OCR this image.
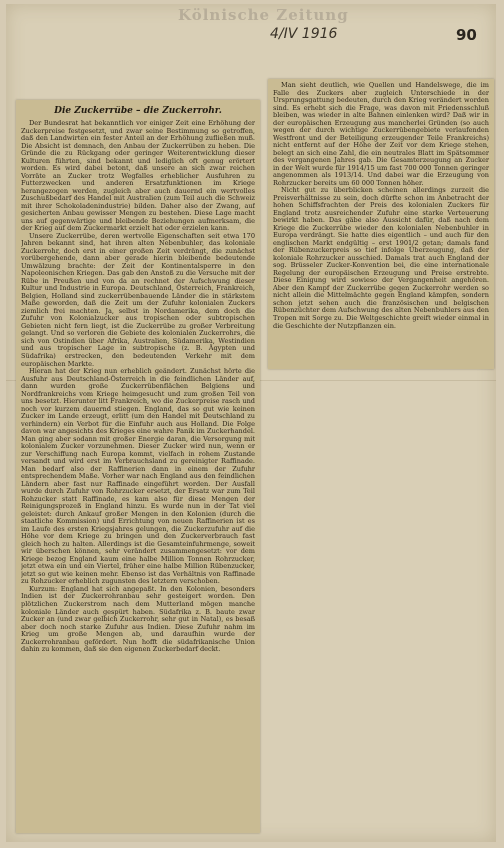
Kölnische Zeitung
4/IV 1916	90
Die Zuckerrübe – die Zuckerrohr.

Der Bundesrat hat bekanntlich vor einiger Zeit eine Erhöhung der Zuckerpreise festgesetzt, und zwar seine Bestimmung so getroffen, daß den Landwirten ein fester Anteil an der Erhöhung zufließen muß. Die Absicht ist demnach, den Anbau der Zuckerrüben zu heben. Die Gründe die zu Rückgang oder geringer Weiterentwicklung dieser Kulturen führten, sind bekannt und lediglich oft genug erörtert worden. Es wird dabei betont, daß unsere an sich zwar reichen Vorräte an Zucker trotz Wegfalles erheblicher Ausfuhren zu Futterzwecken und anderen Ersatzfunktionen im Kriege herangezogen werden, zugleich aber auch dauernd ein wertvolles Zuschußbedarf des Handel mit Australien (zum Teil auch die Schweiz mit ihrer Schokoladenindustrie) bilden. Daher also der Zwang, auf gesicherten Anbau gewisser Mengen zu bestehen. Diese Lage macht uns auf gegenwärtige und bleibende Beziehungen aufmerksam, die der Krieg auf dem Zuckermarkt erzielt hat oder erzielen kann.

Unsere Zuckerrübe, deren wertvolle Eigenschaften seit etwa 170 Jahren bekannt sind, hat ihren alten Nebenbuhler, das koloniale Zuckerrohr, doch erst in einer großen Zeit verdrängt, die zunächst vorübergehende, dann aber gerade hierin bleibende bedeutende Umwälzung brachte: der Zeit der Kontinentalsperre in den Napoleonischen Kriegen. Das gab den Anstoß zu die Versuche mit der Rübe in Preußen und von da an rechnet der Aufschwung dieser Kultur und Industrie in Europa. Deutschland, Österreich, Frankreich, Belgien, Holland sind zuckerrübenbauende Länder die in stärkstem Maße geworden, daß die Zeit um der Zufuhr kolonialen Zuckers ziemlich frei machten. Ja, selbst in Nordamerika, dem doch die Zufuhr von Kolonialzucker aus tropischen oder subtropischen Gebieten nicht fern liegt, ist die Zuckerrübe zu großer Verbreitung gelangt. Und so verloren die Gebiete des kolonialen Zuckerrohrs, die sich von Ostindien über Afrika, Australien, Südamerika, Westindien und aus tropischer Lage in subtropische (z. B. Ägypten und Südafrika) erstrecken, den bedeutenden Verkehr mit dem europäischen Markte.

Hieran hat der Krieg nun erheblich geändert. Zunächst hörte die Ausfuhr aus Deutschland-Österreich in die feindlichen Länder auf, dann wurden große Zuckerrübenflächen Belgiens und Nordfrankreichs vom Kriege heimgesucht und zum großen Teil von uns besetzt. Hierunter litt Frankreich, wo die Zuckerpreise rasch und noch vor kurzem dauernd stiegen. England, das so gut wie keinen Zucker im Lande erzeugt, erlitt (um den Handel mit Deutschland zu verhindern) ein Verbot für die Einfuhr auch aus Holland. Die Folge davon war angesichts des Krieges eine wahre Panik im Zuckerhandel. Man ging aber sodann mit großer Energie daran, die Versorgung mit kolonialem Zucker vorzunehmen. Dieser Zucker wird nun, wenn er zur Verschiffung nach Europa kommt, vielfach in rohem Zustande versandt und wird erst im Verbrauchsland zu gereinigter Raffinade. Man bedarf also der Raffinerien dann in einem der Zufuhr entsprechendem Maße. Vorher war nach England aus den feindlichen Ländern aber fast nur Raffinade eingeführt worden. Der Ausfall wurde durch Zufuhr von Rohrzucker ersetzt, der Ersatz war zum Teil Rohzucker statt Raffinade, es kam also für diese Mengen der Reinigungsprozeß in England hinzu. Es wurde nun in der Tat viel geleistet: durch Ankauf großer Mengen in den Kolonien (durch die staatliche Kommission) und Errichtung von neuen Raffinerien ist es im Laufe des ersten Kriegsjahres gelungen, die Zuckerzufuhr auf die Höhe vor dem Kriege zu bringen und den Zuckerverbrauch fast gleich hoch zu halten. Allerdings ist die Gesamteinfuhrmenge, soweit wir überschen können, sehr verändert zusammengesetzt: vor dem Kriege bezog England kaum eine halbe Million Tonnen Rohrzucker, jetzt etwa ein und ein Viertel, früher eine halbe Million Rübenzucker, jetzt so gut wie keinen mehr. Ebenso ist das Verhältnis von Raffinade zu Rohzucker erheblich zugunsten des letztern verschoben.

Kurzum: England hat sich angepaßt. In den Kolonien, besonders Indien ist der Zuckerrohranbau sehr gesteigert worden. Den plötzlichen Zuckerstrom nach dem Mutterland mögen manche koloniale Länder auch gespürt haben. Südafrika z. B. baute zwar Zucker an (und zwar gelbich Zuckerrohr, sehr gut in Natal), es besaß aber doch noch starke Zufuhr aus Indien. Diese Zufuhr nahm im Krieg um große Mengen ab, und daraufhin wurde der Zuckerrohranbau gefördert. Nun hofft die südafrikanische Union dahin zu kommen, daß sie den eigenen Zuckerbedarf deckt.

Man sieht deutlich, wie Quellen und Handelswege, die im Falle des Zuckers aber zugleich Unterschiede in der Ursprungsgattung bedeuten, durch den Krieg verändert worden sind. Es erhebt sich die Frage, was davon mit Friedensschluß bleiben, was wieder in alte Bahnen einlenken wird? Daß wir in der europäischen Erzeugung aus mancherlei Gründen (so auch wegen der durch wichtige Zuckerrübengebiete verlaufenden Westfront und der Beteiligung erzeugender Teile Frankreichs) nicht entfernt auf der Höhe der Zeit vor dem Kriege stehen, belegt an sich eine Zahl, die ein neutrales Blatt im Spätsommer des vergangenen Jahres gab. Die Gesamterzeugung an Zucker in der Welt wurde für 1914/15 um fast 700 000 Tonnen geringer angenommen als 1913/14. Und dabei war die Erzeugung von Rohrzucker bereits um 60 000 Tonnen höher.

Nicht gut zu überblicken scheinen allerdings zurzeit die Preisverhältnisse zu sein, doch dürfte schon im Anbetracht der hohen Schiffsfrachten der Preis des kolonialen Zuckers für England trotz ausreichender Zufuhr eine starke Verteuerung bewirkt haben. Das gäbe also Aussicht dafür, daß nach dem Kriege die Zuckerrübe wieder den kolonialen Nebenbuhler in Europa verdrängt. Sie hatte dies eigentlich – und auch für den englischen Markt endgültig – erst 1901/2 getan; damals fand der Rübenzuckerpreis so tief infolge Überzeugung, daß der koloniale Rohrzucker ausschied. Damals trat auch England der sog. Brüsseler Zucker-Konvention bei, die eine internationale Regelung der europäischen Erzeugung und Preise erstrebte. Diese Einigung wird sowieso der Vergangenheit angehören. Aber den Kampf der Zuckerrübe gegen Zuckerrohr werden so nicht allein die Mittelmächte gegen England kämpfen, sondern schon jetzt sehen auch die französischen und belgischen Rübenzüchter dem Aufschwung des alten Nebenbuhlers aus den Tropen mit Sorge zu. Die Weltgeschichte greift wieder einmal in die Geschichte der Nutzpflanzen ein.
